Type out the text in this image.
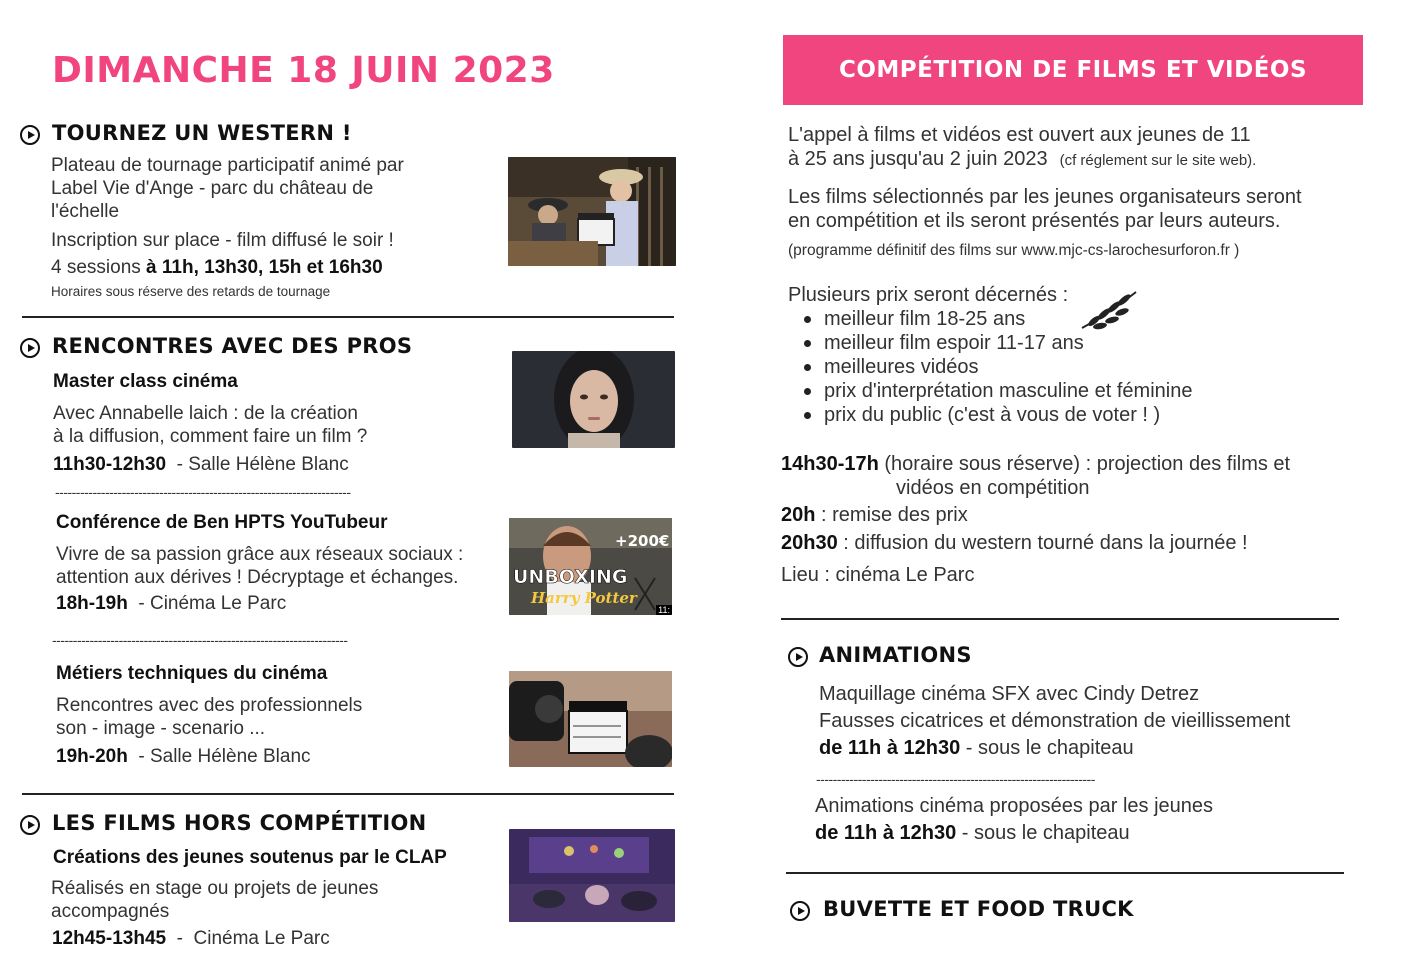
DIMANCHE 18 JUIN 2023
TOURNEZ UN WESTERN !
Plateau de tournage participatif animé par
Label Vie d'Ange - parc du château de
l'échelle
Inscription sur place - film diffusé le soir !
4 sessions à 11h, 13h30, 15h et 16h30
Horaires sous réserve des retards de tournage
RENCONTRES AVEC DES PROS
Master class cinéma
Avec Annabelle laich : de la création
à la diffusion, comment faire un film ?
11h30-12h30  - Salle Hélène Blanc
-----------------------------------------------------------------------
Conférence de Ben HPTS YouTubeur
Vivre de sa passion grâce aux réseaux sociaux :
attention aux dérives ! Décryptage et échanges.
18h-19h  - Cinéma Le Parc
+200€
UNBOXING
Harry Potter
11:
-----------------------------------------------------------------------
Métiers techniques du cinéma
Rencontres avec des professionnels
son - image - scenario ...
19h-20h  - Salle Hélène Blanc
LES FILMS HORS COMPÉTITION
Créations des jeunes soutenus par le CLAP
Réalisés en stage ou projets de jeunes
accompagnés
12h45-13h45  -  Cinéma Le Parc
COMPÉTITION DE FILMS ET VIDÉOS
L'appel à films et vidéos est ouvert aux jeunes de 11
à 25 ans jusqu'au 2 juin 2023 (cf réglement sur le site web).
Les films sélectionnés par les jeunes organisateurs seront
en compétition et ils seront présentés par leurs auteurs.
(programme définitif des films sur www.mjc-cs-larochesurforon.fr )
Plusieurs prix seront décernés :
meilleur film 18-25 ans
meilleur film espoir 11-17 ans
meilleures vidéos
prix d'interprétation masculine et féminine
prix du public (c'est à vous de voter ! )
14h30-17h (horaire sous réserve) : projection des films et
vidéos en compétition
20h : remise des prix
20h30 : diffusion du western tourné dans la journée !
Lieu : cinéma Le Parc
ANIMATIONS
Maquillage cinéma SFX avec Cindy Detrez
Fausses cicatrices et démonstration de vieillissement
de 11h à 12h30 - sous le chapiteau
-------------------------------------------------------------------
Animations cinéma proposées par les jeunes
de 11h à 12h30 - sous le chapiteau
BUVETTE ET FOOD TRUCK
